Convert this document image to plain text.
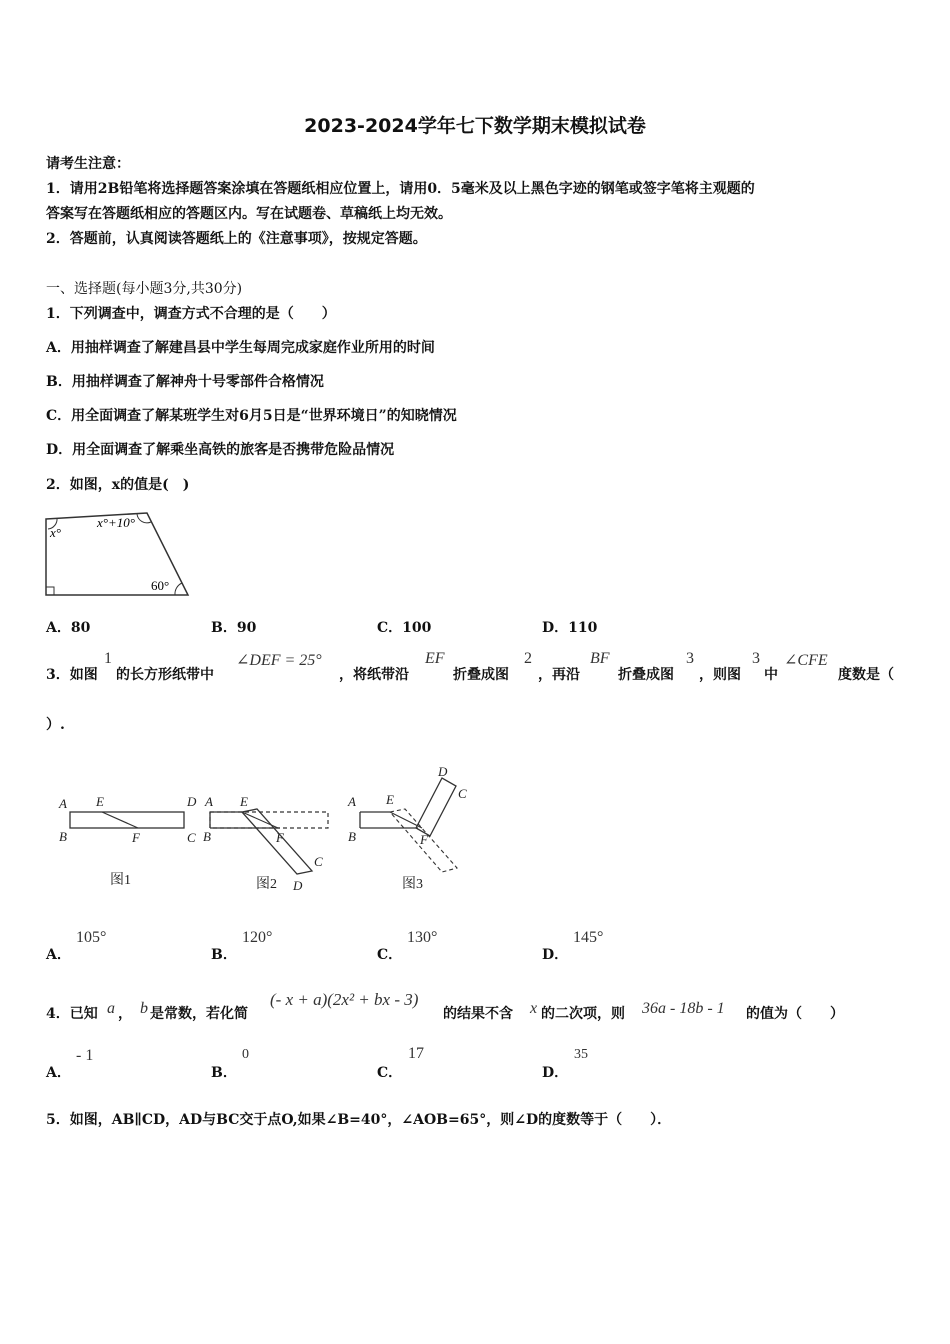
2023-2024学年七下数学期末模拟试卷
请考生注意：
1．请用2B铅笔将选择题答案涂填在答题纸相应位置上，请用0．5毫米及以上黑色字迹的钢笔或签字笔将主观题的
答案写在答题纸相应的答题区内。写在试题卷、草稿纸上均无效。
2．答题前，认真阅读答题纸上的《注意事项》，按规定答题。
一、选择题(每小题3分,共30分)
1．下列调查中，调查方式不合理的是（　　）
A．用抽样调查了解建昌县中学生每周完成家庭作业所用的时间
B．用抽样调查了解神舟十号零部件合格情况
C．用全面调查了解某班学生对6月5日是“世界环境日”的知晓情况
D．用全面调查了解乘坐高铁的旅客是否携带危险品情况
2．如图，x的值是(　)
x°
x°+10°
60°
A．80	B．90	C．100	D．110
3．如图
1
的长方形纸带中
∠DEF = 25°
，将纸带沿
EF
折叠成图
2
，再沿
BF
折叠成图
3
，则图
3
中
∠CFE
度数是（
）.
A
B
E
F
D
C
图1
A
B
E
F
C
D
图2
A
B
E
F
D
C
图3
A．
105°
B．
120°
C．
130°
D．
145°
4．已知 a ， b 是常数，若化简
(- x + a)(2x² + bx - 3)
的结果不含 x 的二次项，则 36a - 18b - 1 的值为（　　）
A．
- 1
B．
0
C．
17
D．
35
5．如图，AB∥CD，AD与BC交于点O,如果∠B=40°，∠AOB=65°，则∠D的度数等于（　　）．
